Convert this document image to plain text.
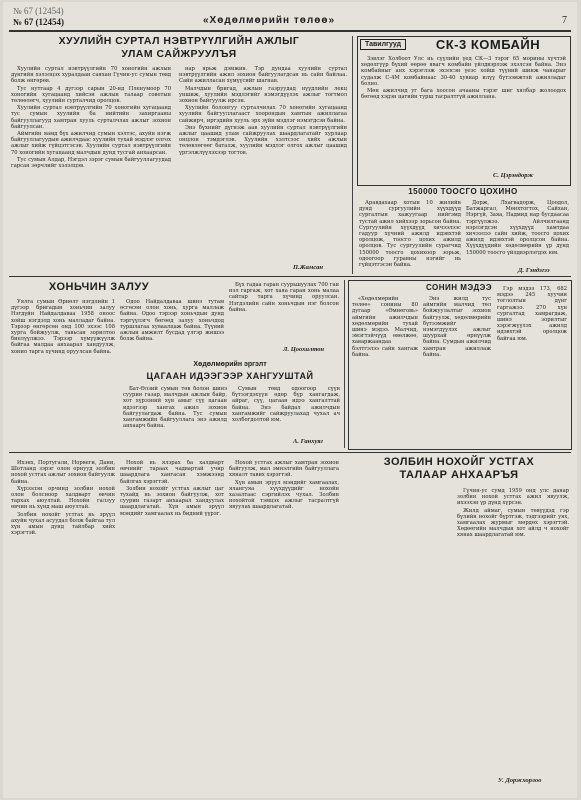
№ 67 (12454)
№ 67 (12454)	«Хөдөлмөрийн төлөө»	7
ХУУЛИЙН СУРТАЛ НЭВТРҮҮЛГИЙН АЖЛЫГ
УЛАМ САЙЖРУУЛЪЯ

Хуулийн суртал нэвтрүүлгийн 70 хоногийн ажлын дүнгийн хэлэлцэх хуралдаан саяхан Гүчин-ус сумын төвд болж өнгөрөв.

Тус нутгаар 4 дүгээр сарын 20-нд Пленумоор 70 хоногийн хугацаанд хийсэн ажлын талаар советын төлөөлөгч, хуулийн сурталчид оролцов.

Хуулийн суртал нэвтрүүлгийн 70 хоногийн хугацаанд тус сумын хуулийн ба нийтийн захиргааны байгууллагууд хамтран хууль сурталчлах ажлыг зохион байгуулсан.

Аймгийн яамд бүх ажилчид сумын хэлтэс, ахуйн нэгж байгууллагуудын ажилчдаас хуулийн тухай мэдлэг олгох ажлыг хийж гүйцэтгэсэн. Хуулийн суртал нэвтрүүлгийн 70 хоногийн хугацаанд малчдын дунд тусгай анхаарсан.

Тус сумын Алдар, Нэгдэл зэрэг сумын байгууллагуудад гарсан зөрчлийг хэлэлцэв.

нар ярьж дэмжив. Тэр дундаа хуулийн суртал нэвтрүүлгийн ажил зохион байгуулагдсан нь сайн байлаа. Сайн ажилласан хүмүүсийг шагнав.

Малчдын бригад, ажлын газруудад нүүдлийн лекц уншиж, хуулийн мэдлэгийг нэмэгдүүлэх ажлыг тогтмол зохион байгуулж ирсэн.

Хуулийн болонгуу сурталчилах 70 хоногийн хугацаанд хуулийн байгууллагааст хоорондын хамтын ажиллагаа сайжирч, иргэдийн хууль эрх зүйн мэдлэг нэмэгдсэн байна.

Энэ бүхнийг дүгнэж аав хуулийн суртал нэвтрүүлгийн ажлыг цаашид улам сайжруулах шаардлагатайг хурлаар онцлон тэмдэглэв. Хуулийн хэлтсээс хийх ажлын төлөвлөгөөг баталж, хуулийн мэдлэг олгох ажлыг цаашид үргэлжлүүлэхээр тогтов.

П.Жамсан
Тавилгууд	СК-3 КОМБАЙН

Зэвлэг Холбоот Улс нь сүүлийн үед СК—3 тэрэг 65 морины хүчтэй хөдөлгүүр бүхий өөрөө явагч комбайн үйлдвэрлэж эхэлсэн байна. Энэ комбайныг анх хэрэглэж эхэлсэн үеэс хойш түүний шинж чанарыг судалж С-4М комбайнаас 30-40 хувиар илүү бүтээмжтэй ажилладаг болно.

Мөн ажилчид уг бага хоосон ачааны тэрэг шиг хялбар жолоодох бөгөөд хэдэн цагийн турш тасралтгүй ажиллана.

С. Цэрэндорж
150000 ТООСГО ЦОХИНО

Аравдахаар хотын 10 жилийн дунд сургуулийн хүүхдүүд сургалтын хажуугаар нийгэмд тустай ажил хийхээр зорьсон байна. Сургуулийн хүүхдүүд хичээлээс гадуур хүчний ажилд идэвхтэй оролцож, тоосго цохих ажилд оролцов. Тус сургуулийн сурагчид 150000 тоосго цохихоор зорьж, одоогоор гуравны нэгийг нь гүйцэтгэсэн байна.

Дорж, Лхагвадорж, Цоодол, Батжаргал, Мөнхтогтох, Сайхан, Нэргүй, Заяа, Надмид нар бусдаасаа тэргүүлжээ. Айлчилгаанд нэрлэгдсэн хүүхдүүд хамтдаа хичээлээ сайн хийж, тоосго цохих ажилд идэвхтэй оролцсон байна. Хүүхдүүдийн хөдөлмөрийн үр дүнд 150000 тоосго үйлдвэрлэгдэх юм.

Д. Гэндэгээ
ХОНЬЧИН ЗАЛУУ

Уялга сумын Өрнөлт нэгдлийн 1 дүгээр бригадын хоньчин залуу Нэгдүйн Найдалдаваа 1958 оноос хойш нэгдэлд хонь малладаг байна. Тэрээр өнгөрсөн онд 100 эхээс 108 хурга бойжуулж, тавьсан зорилтоо биелүүлжээ. Тэрээр хүмүүжүүлж байгаа малдаа анхаарал хандуулж, хонио тарга хүчинд оруулсан байна.

Одоо Найдалдаваа шинэ тутам өсгөсөн олон хонь, хурга маллаж байна. Одоо тэрээр хоньчдын дунд тэргүүлэгч бөгөөд залуу хоньчдод туршлагаа хуваалцаж байна. Түүний ажлын амжилт бусдад үлгэр жишээ болж байна.

Бүх гадаа гаран суурьшуулах 700 гаи нэл гаргаж, хот хаяа гаран хонь малаа сайтар тарга хүчинд оруулсан. Нэгдэлийн сайн хоньчдын нэг болсон байна.

Л. Цоохилтон
Хөдөлмөрийн эргэлт
ЦАГААН ИДЭЭГЭЭР ХАНГУУШТАЙ

Бат-Өлзий сумын төв болон шинэ суурин газар, малчдын ажлын байр, хот хүрээний хүн амыг сүү цагаан идээгээр хангах ажил зохион байгуулагдаж байна. Тус сумын хангамжийн байгууллага энэ ажилд анхаарч байна.

Сумын төвд одоогоор сүүн бүтээгдэхүүн өдөр бүр хангагдаж, айраг, сүү, цагаан идээ хангалттай байна. Энэ байдал ажилчдын хангамжийг сайжруулахад чухал ач холбогдолтой юм.

А. Ганхуяг
СОНИН МЭДЭЭ

«Хөдөлмөрийн төлөө» сонины 80 дугаар «Өмнөговь» аймгийн ажилчдын хөдөлмөрийн тухай шинэ мэдээ. Малчид, эмэгтэйчүүд өвөлжөө, хаваржаандаа бэлтгэлээ сайн хангаж байна.

Энэ жилд тус аймгийн малчид төл бойжуулалтыг зохион байгуулж, хөдөлмөрийн бүтээмжийг нэмэгдүүлэх ажлыг шуурхай өрнүүлж байна. Сумдын ажилчид хамтран ажиллаж байна.

Гэр мэдээ 173, 682 мэдээ 245 хуучин тоглолтын дүнг гаргажээ. 270 хүн сургалтад хамрагдаж, шинэ зорилтыг хэрэгжүүлэх ажилд идэвхтэй оролцож байгаа юм.

ЗОЛБИН НОХОЙГ УСТГАХ
ТАЛААР АНХААРЪЯ

Ихэнх, Португали, Норвеги, Дани, Шотланд зэрэг олон орнууд золбин нохой устгах ажлыг зохион байгуулж байна.

Хүрээлэн орчинд золбин нохой олон болсноор халдварт өвчин тархах аюултай. Нохойн галзуу өвчин нь хүнд маш аюултай.

Золбин нохойг устгах нь эрүүл ахуйн чухал асуудал болж байгаа тул хүн амын дунд тайлбар хийх хэрэгтэй.

Нохой нь ялзрах ба халдварт өвчнийг тараах чадвартай учир шаардлага хангасан хэмжээнд байлгах хэрэгтэй.

Золбин нохойг устгах ажлыг цаг тухайд нь зохион байгуулж, хот суурин газарт анхаарал хандуулах шаардлагатай. Хүн амын эрүүл мэндийг хамгаалах нь бидний үүрэг.

Нохой устгах ажлыг хамтран зохион байгуулж, мал эмнэлгийн байгууллага хяналт тавих хэрэгтэй.

Хүн амын эрүүл мэндийг хамгаалах, ялангуяа хүүхдүүдийг нохойн хазалтаас сэргийлэх чухал. Золбин нохойтой тэмцэх ажлыг тасралтгүй явуулах шаардлагатай.

Гүчин-ус сумд 1959 онд улс даяар золбин нохой устгах ажил явуулж, ихээхэн үр дүнд хүрсэн.

Жилд аймаг, сумын төвүүдэд гэр бүлийн нохойг бүртгэж, тэдгээрийг уях, хамгаалах журмыг мөрдөх хэрэгтэй. Хөдөөгийн малчдын хот айлд ч нохойг хянах шаардлагатай юм.

У. Доржхорлоо
